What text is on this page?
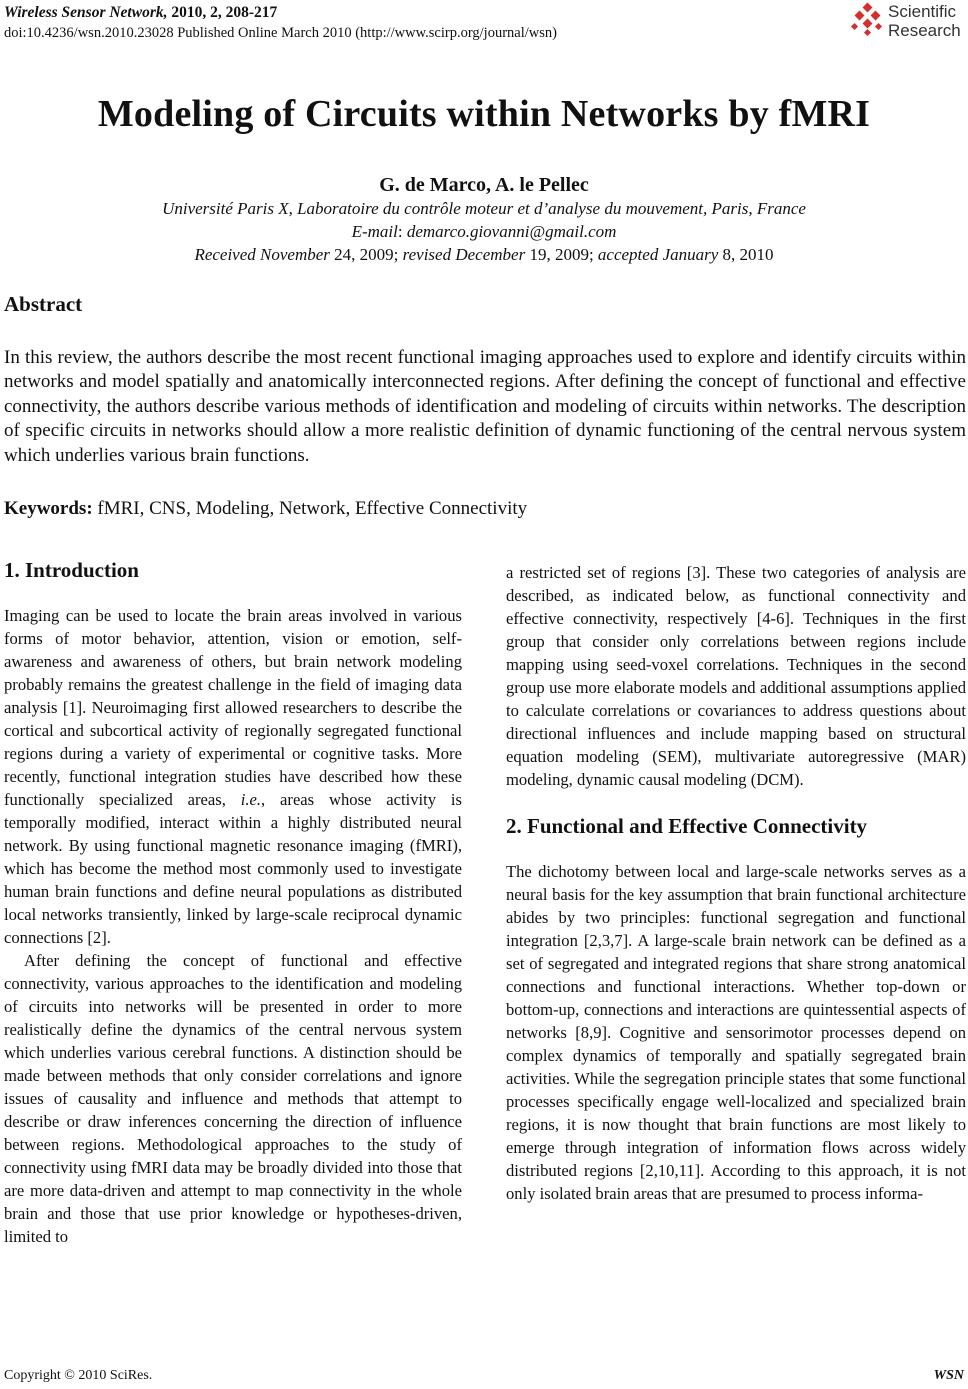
Wireless Sensor Network, 2010, 2, 208-217
doi:10.4236/wsn.2010.23028 Published Online March 2010 (http://www.scirp.org/journal/wsn)
Scientific
Research
Modeling of Circuits within Networks by fMRI
G. de Marco, A. le Pellec
Université Paris X, Laboratoire du contrôle moteur et d’analyse du mouvement, Paris, France
E-mail: demarco.giovanni@gmail.com
Received November 24, 2009; revised December 19, 2009; accepted January 8, 2010
Abstract
In this review, the authors describe the most recent functional imaging approaches used to explore and identify circuits within networks and model spatially and anatomically interconnected regions. After defining the concept of functional and effective connectivity, the authors describe various methods of identification and modeling of circuits within networks. The description of specific circuits in networks should allow a more realistic definition of dynamic functioning of the central nervous system which underlies various brain functions.
Keywords: fMRI, CNS, Modeling, Network, Effective Connectivity
1. Introduction
Imaging can be used to locate the brain areas involved in various forms of motor behavior, attention, vision or emotion, self-awareness and awareness of others, but brain network modeling probably remains the greatest challenge in the field of imaging data analysis [1]. Neuroimaging first allowed researchers to describe the cortical and subcortical activity of regionally segregated functional regions during a variety of experimental or cognitive tasks. More recently, functional integration studies have described how these functionally specialized areas, i.e., areas whose activity is temporally modified, interact within a highly distributed neural network. By using functional magnetic resonance imaging (fMRI), which has become the method most commonly used to investigate human brain functions and define neural populations as distributed local networks transiently, linked by large-scale reciprocal dynamic connections [2].
After defining the concept of functional and effective connectivity, various approaches to the identification and modeling of circuits into networks will be presented in order to more realistically define the dynamics of the central nervous system which underlies various cerebral functions. A distinction should be made between methods that only consider correlations and ignore issues of causality and influence and methods that attempt to describe or draw inferences concerning the direction of influence between regions. Methodological approaches to the study of connectivity using fMRI data may be broadly divided into those that are more data-driven and attempt to map connectivity in the whole brain and those that use prior knowledge or hypotheses-driven, limited to
a restricted set of regions [3]. These two categories of analysis are described, as indicated below, as functional connectivity and effective connectivity, respectively [4-6]. Techniques in the first group that consider only correlations between regions include mapping using seed-voxel correlations. Techniques in the second group use more elaborate models and additional assumptions applied to calculate correlations or covariances to address questions about directional influences and include mapping based on structural equation modeling (SEM), multivariate autoregressive (MAR) modeling, dynamic causal modeling (DCM).
2. Functional and Effective Connectivity
The dichotomy between local and large-scale networks serves as a neural basis for the key assumption that brain functional architecture abides by two principles: functional segregation and functional integration [2,3,7]. A large-scale brain network can be defined as a set of segregated and integrated regions that share strong anatomical connections and functional interactions. Whether top-down or bottom-up, connections and interactions are quintessential aspects of networks [8,9]. Cognitive and sensorimotor processes depend on complex dynamics of temporally and spatially segregated brain activities. While the segregation principle states that some functional processes specifically engage well-localized and specialized brain regions, it is now thought that brain functions are most likely to emerge through integration of information flows across widely distributed regions [2,10,11]. According to this approach, it is not only isolated brain areas that are presumed to process informa-
Copyright © 2010 SciRes.	WSN
